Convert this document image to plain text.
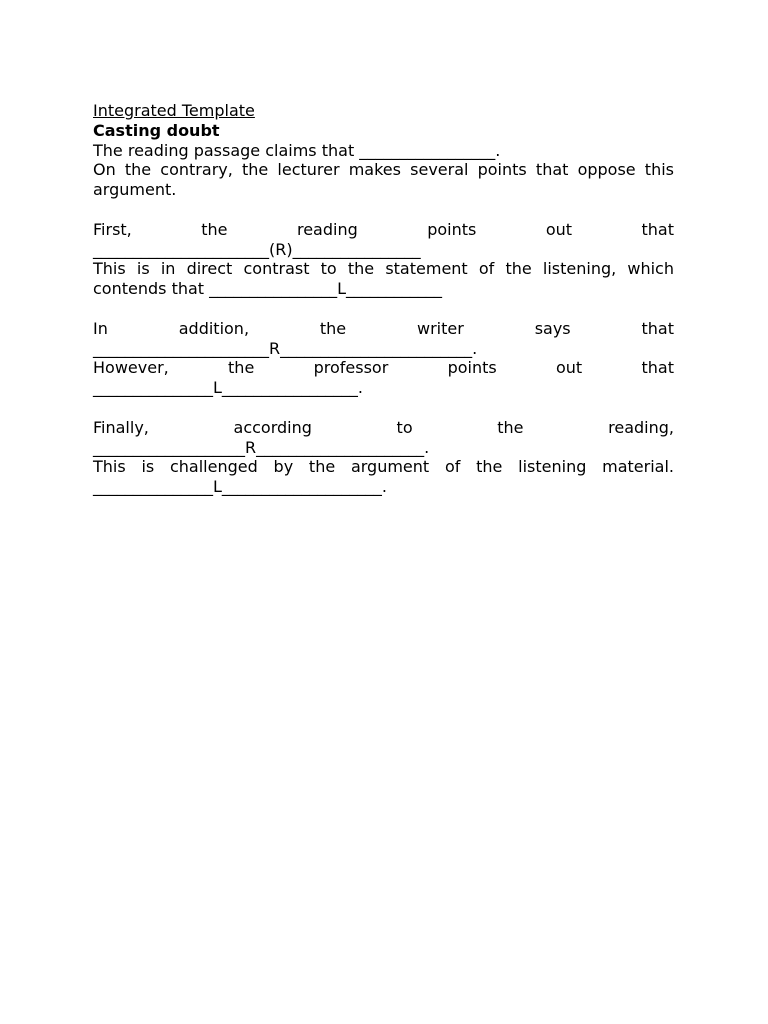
Integrated Template
Casting doubt

The reading passage claims that _________________.

On the contrary, the lecturer makes several points that oppose this argument.

First, the reading points out that ______________________(R)________________

This is in direct contrast to the statement of the listening, which contends that ________________L____________

In addition, the writer says that ______________________R________________________.

However, the professor points out that _______________L_________________.

Finally, according to the reading, ___________________R_____________________.

This is challenged by the argument of the listening material. _______________L____________________.
